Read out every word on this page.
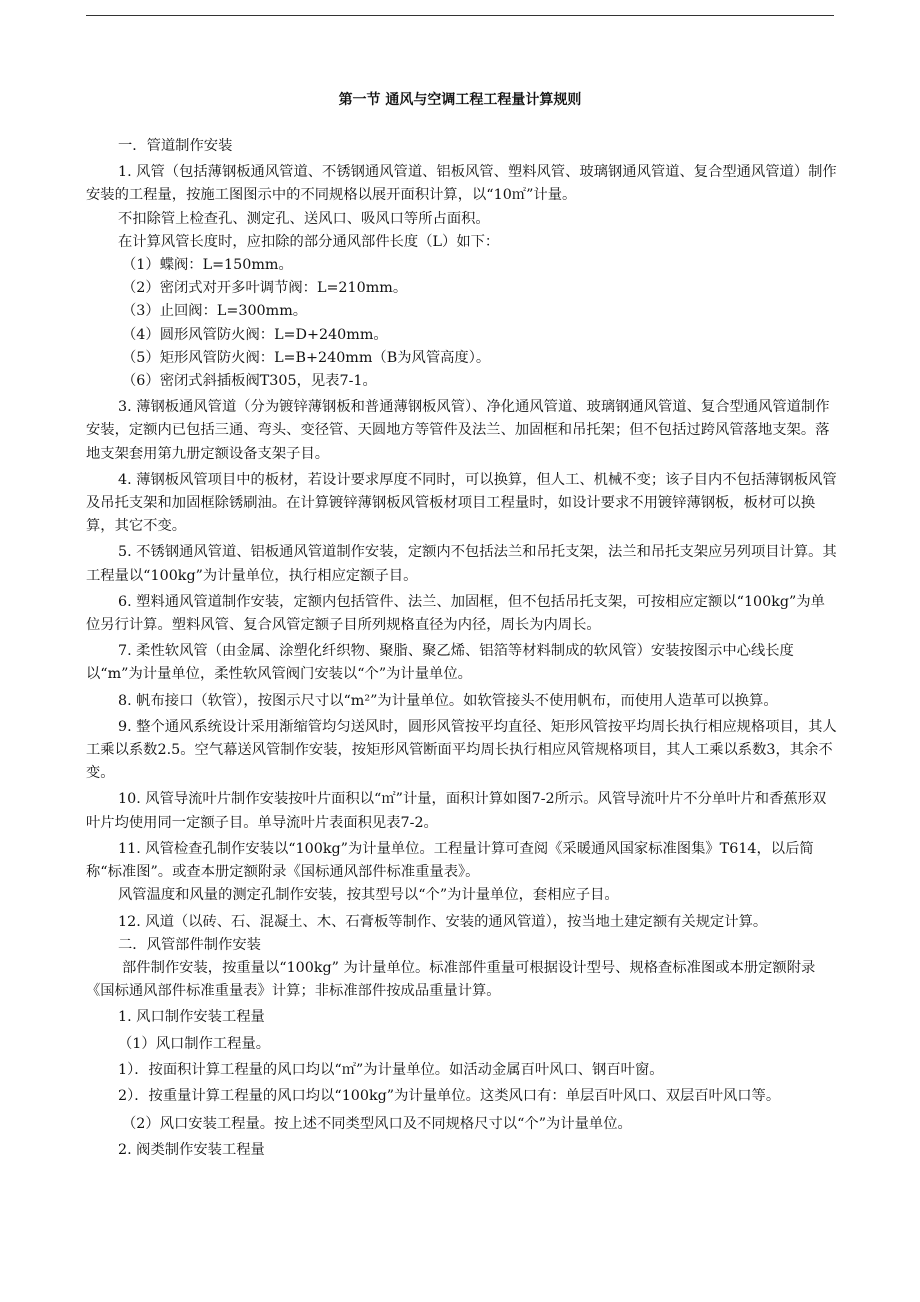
第一节 通风与空调工程工程量计算规则

一．管道制作安装

1. 风管（包括薄钢板通风管道、不锈钢通风管道、铝板风管、塑料风管、玻璃钢通风管道、复合型通风管道）制作安装的工程量，按施工图图示中的不同规格以展开面积计算，以“10㎡”计量。

不扣除管上检查孔、测定孔、送风口、吸风口等所占面积。

在计算风管长度时，应扣除的部分通风部件长度（L）如下：

（1）蝶阀：L=150mm。

（2）密闭式对开多叶调节阀：L=210mm。

（3）止回阀：L=300mm。

（4）圆形风管防火阀：L=D+240mm。

（5）矩形风管防火阀：L=B+240mm（B为风管高度）。

（6）密闭式斜插板阀T305，见表7-1。

3. 薄钢板通风管道（分为镀锌薄钢板和普通薄钢板风管）、净化通风管道、玻璃钢通风管道、复合型通风管道制作安装，定额内已包括三通、弯头、变径管、天圆地方等管件及法兰、加固框和吊托架；但不包括过跨风管落地支架。落地支架套用第九册定额设备支架子目。

4. 薄钢板风管项目中的板材，若设计要求厚度不同时，可以换算，但人工、机械不变；该子目内不包括薄钢板风管及吊托支架和加固框除锈刷油。在计算镀锌薄钢板风管板材项目工程量时，如设计要求不用镀锌薄钢板，板材可以换算，其它不变。

5. 不锈钢通风管道、铝板通风管道制作安装，定额内不包括法兰和吊托支架，法兰和吊托支架应另列项目计算。其工程量以“100kg”为计量单位，执行相应定额子目。

6. 塑料通风管道制作安装，定额内包括管件、法兰、加固框，但不包括吊托支架，可按相应定额以“100kg”为单位另行计算。塑料风管、复合风管定额子目所列规格直径为内径，周长为内周长。

7. 柔性软风管（由金属、涂塑化纤织物、聚脂、聚乙烯、铝箔等材料制成的软风管）安装按图示中心线长度以“m”为计量单位，柔性软风管阀门安装以“个”为计量单位。

8. 帆布接口（软管），按图示尺寸以“m²”为计量单位。如软管接头不使用帆布，而使用人造革可以换算。

9. 整个通风系统设计采用渐缩管均匀送风时，圆形风管按平均直径、矩形风管按平均周长执行相应规格项目，其人工乘以系数2.5。空气幕送风管制作安装，按矩形风管断面平均周长执行相应风管规格项目，其人工乘以系数3，其余不变。

10. 风管导流叶片制作安装按叶片面积以“㎡”计量，面积计算如图7-2所示。风管导流叶片不分单叶片和香蕉形双叶片均使用同一定额子目。单导流叶片表面积见表7-2。

11. 风管检查孔制作安装以“100kg”为计量单位。工程量计算可查阅《采暖通风国家标准图集》T614，以后简称“标准图”。或查本册定额附录《国标通风部件标准重量表》。

风管温度和风量的测定孔制作安装，按其型号以“个”为计量单位，套相应子目。

12. 风道（以砖、石、混凝土、木、石膏板等制作、安装的通风管道），按当地土建定额有关规定计算。

二．风管部件制作安装

部件制作安装，按重量以“100kg” 为计量单位。标准部件重量可根据设计型号、规格查标准图或本册定额附录《国标通风部件标准重量表》计算；非标准部件按成品重量计算。

1. 风口制作安装工程量

（1）风口制作工程量。

1）．按面积计算工程量的风口均以“㎡”为计量单位。如活动金属百叶风口、钢百叶窗。

2）．按重量计算工程量的风口均以“100kg”为计量单位。这类风口有：单层百叶风口、双层百叶风口等。

（2）风口安装工程量。按上述不同类型风口及不同规格尺寸以“个”为计量单位。

2. 阀类制作安装工程量
